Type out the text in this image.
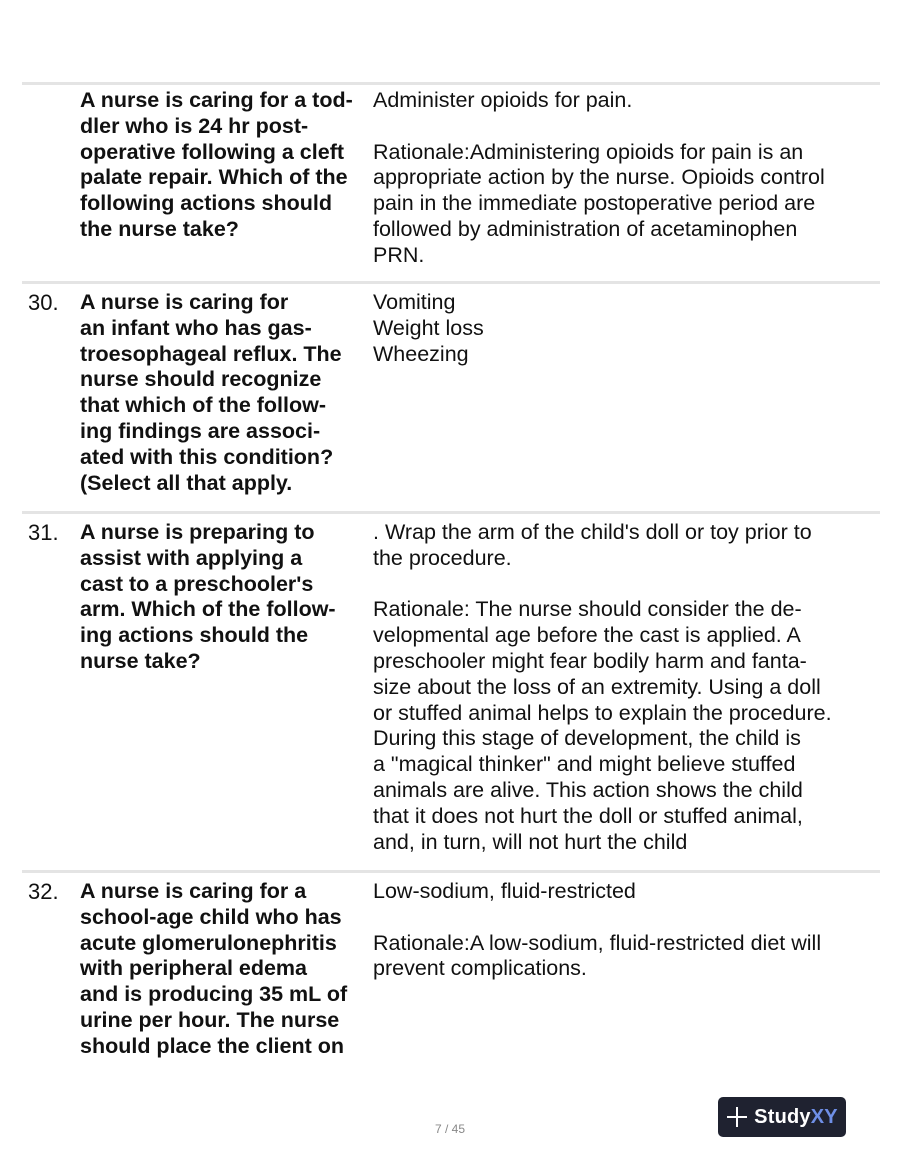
A nurse is caring for a tod-
dler who is 24 hr post-
operative following a cleft
palate repair. Which of the
following actions should
the nurse take?

Administer opioids for pain.

Rationale:Administering opioids for pain is an
appropriate action by the nurse. Opioids control
pain in the immediate postoperative period are
followed by administration of acetaminophen
PRN.

30. A nurse is caring for
an infant who has gas-
troesophageal reflux. The
nurse should recognize
that which of the follow-
ing findings are associ-
ated with this condition?
(Select all that apply.

Vomiting
Weight loss
Wheezing

31. A nurse is preparing to
assist with applying a
cast to a preschooler's
arm. Which of the follow-
ing actions should the
nurse take?

. Wrap the arm of the child's doll or toy prior to
the procedure.

Rationale: The nurse should consider the de-
velopmental age before the cast is applied. A
preschooler might fear bodily harm and fanta-
size about the loss of an extremity. Using a doll
or stuffed animal helps to explain the procedure.
During this stage of development, the child is
a "magical thinker" and might believe stuffed
animals are alive. This action shows the child
that it does not hurt the doll or stuffed animal,
and, in turn, will not hurt the child

32. A nurse is caring for a
school-age child who has
acute glomerulonephritis
with peripheral edema
and is producing 35 mL of
urine per hour. The nurse
should place the client on

Low-sodium, fluid-restricted

Rationale:A low-sodium, fluid-restricted diet will
prevent complications.

7 / 45
StudyXY
